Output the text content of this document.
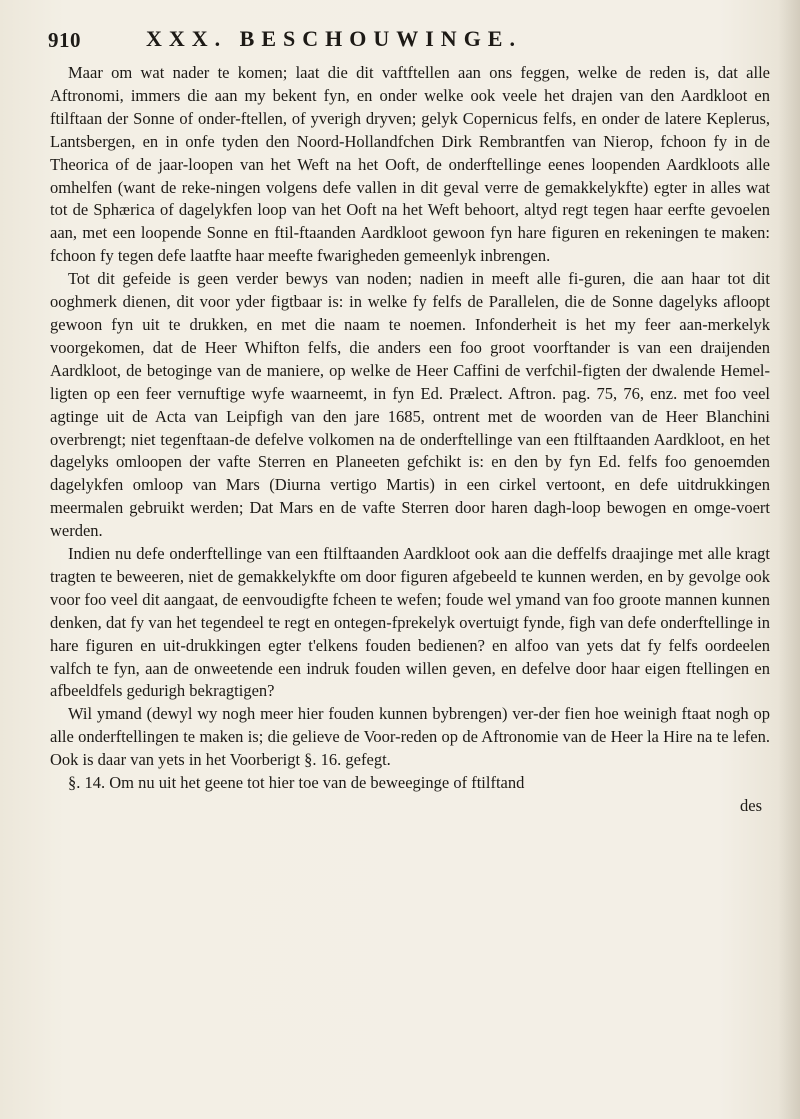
910	XXX. BESCHOUWINGE.

Maar om wat nader te komen; laat die dit vaftftellen aan ons feggen, welke de reden is, dat alle Aftronomi, immers die aan my bekent fyn, en onder welke ook veele het drajen van den Aardkloot en ftilftaan der Sonne of onder-ftellen, of yverigh dryven; gelyk Copernicus felfs, en onder de latere Keplerus, Lantsbergen, en in onfe tyden den Noord-Hollandfchen Dirk Rembrantfen van Nierop, fchoon fy in de Theorica of de jaar-loopen van het Weft na het Ooft, de onderftellinge eenes loopenden Aardkloots alle omhelfen (want de reke-ningen volgens defe vallen in dit geval verre de gemakkelykfte) egter in alles wat tot de Sphærica of dagelykfen loop van het Ooft na het Weft behoort, altyd regt tegen haar eerfte gevoelen aan, met een loopende Sonne en ftil-ftaanden Aardkloot gewoon fyn hare figuren en rekeningen te maken: fchoon fy tegen defe laatfte haar meefte fwarigheden gemeenlyk inbrengen.

Tot dit gefeide is geen verder bewys van noden; nadien in meeft alle fi-guren, die aan haar tot dit ooghmerk dienen, dit voor yder figtbaar is: in welke fy felfs de Parallelen, die de Sonne dagelyks afloopt gewoon fyn uit te drukken, en met die naam te noemen. Infonderheit is het my feer aan-merkelyk voorgekomen, dat de Heer Whifton felfs, die anders een foo groot voorftander is van een draijenden Aardkloot, de betoginge van de maniere, op welke de Heer Caffini de verfchil-figten der dwalende Hemel-ligten op een feer vernuftige wyfe waarneemt, in fyn Ed. Prælect. Aftron. pag. 75, 76, enz. met foo veel agtinge uit de Acta van Leipfigh van den jare 1685, ontrent met de woorden van de Heer Blanchini overbrengt; niet tegenftaan-de defelve volkomen na de onderftellinge van een ftilftaanden Aardkloot, en het dagelyks omloopen der vafte Sterren en Planeeten gefchikt is: en den by fyn Ed. felfs foo genoemden dagelykfen omloop van Mars (Diurna vertigo Martis) in een cirkel vertoont, en defe uitdrukkingen meermalen gebruikt werden; Dat Mars en de vafte Sterren door haren dagh-loop bewogen en omge-voert werden.

Indien nu defe onderftellinge van een ftilftaanden Aardkloot ook aan die deffelfs draajinge met alle kragt tragten te beweeren, niet de gemakkelykfte om door figuren afgebeeld te kunnen werden, en by gevolge ook voor foo veel dit aangaat, de eenvoudigfte fcheen te wefen; foude wel ymand van foo groote mannen kunnen denken, dat fy van het tegendeel te regt en ontegen-fprekelyk overtuigt fynde, figh van defe onderftellinge in hare figuren en uit-drukkingen egter t'elkens fouden bedienen? en alfoo van yets dat fy felfs oordeelen valfch te fyn, aan de onweetende een indruk fouden willen geven, en defelve door haar eigen ftellingen en afbeeldfels gedurigh bekragtigen?

Wil ymand (dewyl wy nogh meer hier fouden kunnen bybrengen) ver-der fien hoe weinigh ftaat nogh op alle onderftellingen te maken is; die gelieve de Voor-reden op de Aftronomie van de Heer la Hire na te lefen. Ook is daar van yets in het Voorberigt §. 16. gefegt.

§. 14. Om nu uit het geene tot hier toe van de beweeginge of ftilftand

des
